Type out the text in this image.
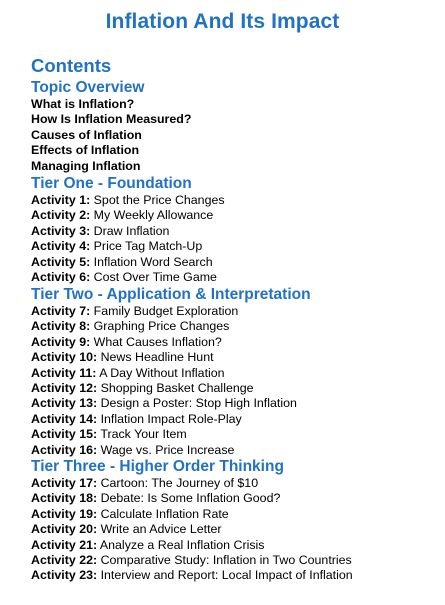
Inflation And Its Impact
Contents
Topic Overview
What is Inflation?
How Is Inflation Measured?
Causes of Inflation
Effects of Inflation
Managing Inflation
Tier One - Foundation
Activity 1: Spot the Price Changes
Activity 2: My Weekly Allowance
Activity 3: Draw Inflation
Activity 4: Price Tag Match-Up
Activity 5: Inflation Word Search
Activity 6: Cost Over Time Game
Tier Two - Application & Interpretation
Activity 7: Family Budget Exploration
Activity 8: Graphing Price Changes
Activity 9: What Causes Inflation?
Activity 10: News Headline Hunt
Activity 11: A Day Without Inflation
Activity 12: Shopping Basket Challenge
Activity 13: Design a Poster: Stop High Inflation
Activity 14: Inflation Impact Role-Play
Activity 15: Track Your Item
Activity 16: Wage vs. Price Increase
Tier Three - Higher Order Thinking
Activity 17: Cartoon: The Journey of $10
Activity 18: Debate: Is Some Inflation Good?
Activity 19: Calculate Inflation Rate
Activity 20: Write an Advice Letter
Activity 21: Analyze a Real Inflation Crisis
Activity 22: Comparative Study: Inflation in Two Countries
Activity 23: Interview and Report: Local Impact of Inflation
